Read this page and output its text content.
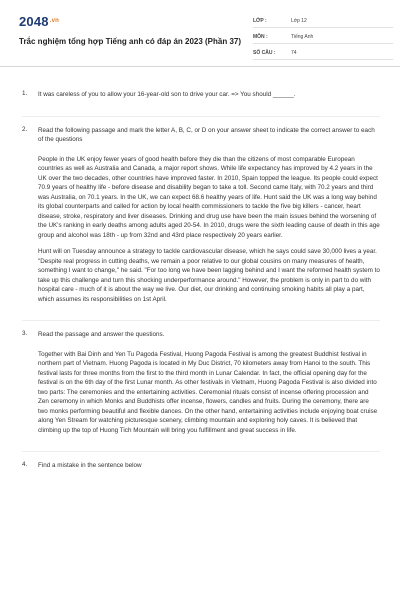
$2048^{.vn}$
Trắc nghiệm tổng hợp Tiếng anh có đáp án 2023 (Phần 37)
LỚP :	Lớp 12
MÔN :	Tiếng Anh
SỐ CÂU :	74
1.	It was careless of you to allow your 16-year-old son to drive your car. => You should ______.

2.	Read the following passage and mark the letter A, B, C, or D on your answer sheet to indicate the correct answer to each of the questions

People in the UK enjoy fewer years of good health before they die than the citizens of most comparable European countries as well as Australia and Canada, a major report shows. While life expectancy has improved by 4.2 years in the UK over the two decades, other countries have improved faster. In 2010, Spain topped the league. Its people could expect 70.9 years of healthy life - before disease and disability began to take a toll. Second came Italy, with 70.2 years and third was Australia, on 70.1 years. In the UK, we can expect 68.6 healthy years of life. Hunt said the UK was a long way behind its global counterparts and called for action by local health commissioners to tackle the five big killers - cancer, heart disease, stroke, respiratory and liver diseases. Drinking and drug use have been the main issues behind the worsening of the UK's ranking in early deaths among adults aged 20-54. In 2010, drugs were the sixth leading cause of death in this age group and alcohol was 18th - up from 32nd and 43rd place respectively 20 years earlier.

Hunt will on Tuesday announce a strategy to tackle cardiovascular disease, which he says could save 30,000 lives a year. "Despite real progress in cutting deaths, we remain a poor relative to our global cousins on many measures of health, something I want to change," he said. "For too long we have been lagging behind and I want the reformed health system to take up this challenge and turn this shocking underperformance around." However, the problem is only in part to do with hospital care - much of it is about the way we live. Our diet, our drinking and continuing smoking habits all play a part, which assumes its responsibilities on 1st April.

3.	Read the passage and answer the questions.

Together with Bai Dinh and Yen Tu Pagoda Festival, Huong Pagoda Festival is among the greatest Buddhist festival in northern part of Vietnam. Huong Pagoda is located in My Duc District, 70 kilometers away from Hanoi to the south. This festival lasts for three months from the first to the third month in Lunar Calendar. In fact, the official opening day for the festival is on the 6th day of the first Lunar month. As other festivals in Vietnam, Huong Pagoda Festival is also divided into two parts: The ceremonies and the entertaining activities. Ceremonial rituals consist of incense offering procession and Zen ceremony in which Monks and Buddhists offer incense, flowers, candles and fruits. During the ceremony, there are two monks performing beautiful and flexible dances. On the other hand, entertaining activities include enjoying boat cruise along Yen Stream for watching picturesque scenery, climbing mountain and exploring holy caves. It is believed that climbing up the top of Huong Tich Mountain will bring you fulfillment and great success in life.

4.	Find a mistake in the sentence below
